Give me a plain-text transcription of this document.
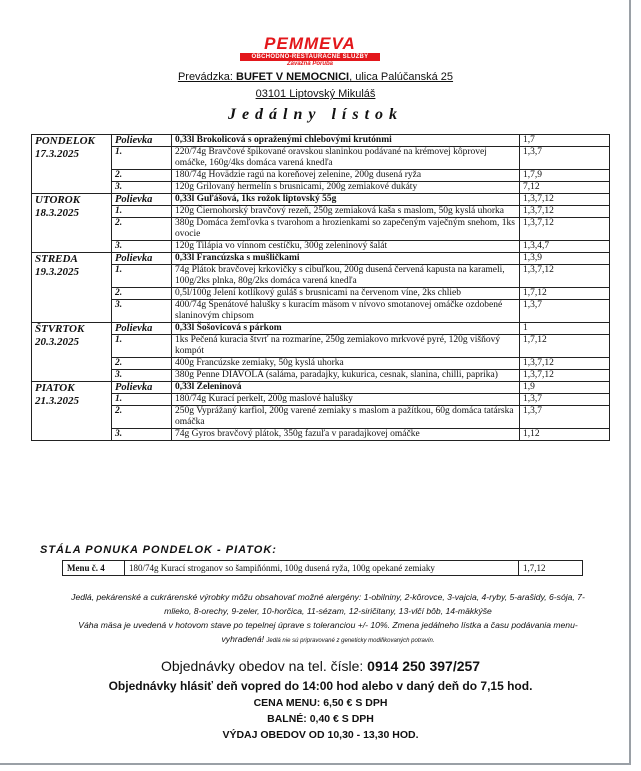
PEMMEVA
OBCHODNO-REŠTAURAČNÉ SLUŽBY
Závažná Poruba
Prevádzka: BUFET V NEMOCNICI, ulica Palúčanská 25
03101 Liptovský Mikuláš
Jedálny lístok
PONDELOK
17.3.2025	Polievka	0,33l Brokolicová s opraženými chlebovými krutónmi	1,7
	1.	220/74g Bravčové špikované oravskou slaninkou podávané na krémovej kôprovej omáčke, 160g/4ks domáca varená knedľa	1,3,7
	2.	180/74g Hovädzie ragú na koreňovej zelenine, 200g dusená ryža	1,7,9
	3.	120g Grilovaný hermelín s brusnicami, 200g zemiakové dukáty	7,12

UTOROK
18.3.2025	Polievka	0,33l Guľášová, 1ks rožok liptovský 55g	1,3,7,12
	1.	120g Čiernohorský bravčový rezeň, 250g zemiaková kaša s maslom, 50g kyslá uhorka	1,3,7,12
	2.	380g Domáca žemľovka s tvarohom a hrozienkami so zapečeným vaječným snehom, 1ks ovocie	1,3,7,12
	3.	120g Tilápia vo vínnom cestíčku, 300g zeleninový šalát	1,3,4,7

STREDA
19.3.2025	Polievka	0,33l Francúzska s mušličkami	1,3,9
	1.	74g Plátok bravčovej krkovičky s cibuľkou, 200g dusená červená kapusta na karameli, 100g/2ks plnka, 80g/2ks domáca varená knedľa	1,3,7,12
	2.	0,5l/100g Jelení kotlíkový guláš s brusnicami na červenom víne, 2ks chlieb	1,7,12
	3.	400/74g Špenátové halušky s kuracím mäsom v nívovo smotanovej omáčke ozdobené slaninovým chipsom	1,3,7

ŠTVRTOK
20.3.2025	Polievka	0,33l Šošovicová s párkom	1
	1.	1ks Pečená kuracia štvrť na rozmaríne, 250g zemiakovo mrkvové pyré, 120g višňový kompót	1,7,12
	2.	400g Francúzske zemiaky, 50g kyslá uhorka	1,3,7,12
	3.	380g Penne DIAVOLA (saláma, paradajky, kukurica, cesnak, slanina, chilli, paprika)	1,3,7,12

PIATOK
21.3.2025	Polievka	0,33l Zeleninová	1,9
	1.	180/74g Kurací perkelt, 200g maslové halušky	1,3,7
	2.	250g Vyprážaný karfiol, 200g varené zemiaky s maslom a pažítkou, 60g domáca tatárska omáčka	1,3,7
	3.	74g Gyros bravčový plátok, 350g fazuľa v paradajkovej omáčke	1,12
STÁLA PONUKA PONDELOK - PIATOK:
Menu č. 4	180/74g Kurací stroganov so šampiňónmi, 100g dusená ryža, 100g opekané zemiaky	1,7,12
Jedlá, pekárenské a cukrárenské výrobky môžu obsahovať možné alergény: 1-obilniny, 2-kôrovce, 3-vajcia, 4-ryby, 5-arašidy, 6-sója, 7-mlieko, 8-orechy, 9-zeler, 10-horčica, 11-sézam, 12-siričitany, 13-vlčí bôb, 14-mäkkýše
Váha mäsa je uvedená v hotovom stave po tepelnej úprave s toleranciou +/- 10%. Zmena jedálneho lístka a času podávania menu-vyhradená! Jedlá nie sú pripravované z geneticky modifikovaných potravín.
Objednávky obedov na tel. čísle: 0914 250 397/257
Objednávky hlásiť deň vopred do 14:00 hod alebo v daný deň do 7,15 hod.
CENA MENU: 6,50 € S DPH
BALNÉ: 0,40 € S DPH
VÝDAJ OBEDOV OD 10,30 - 13,30 HOD.
